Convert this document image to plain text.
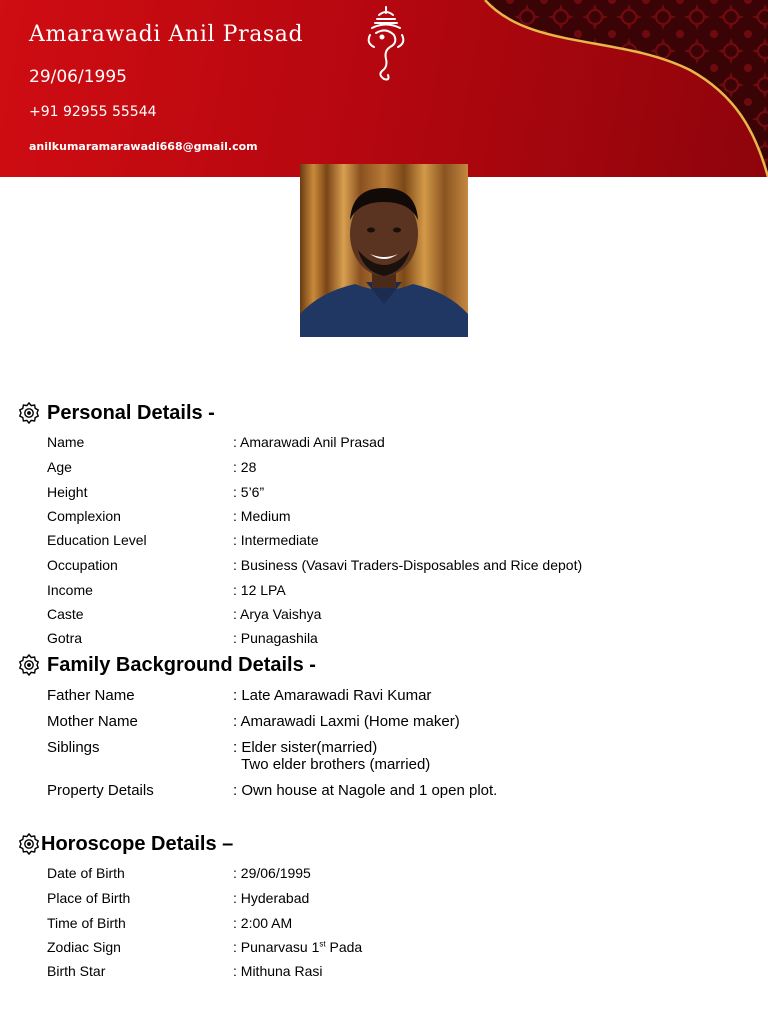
Amarawadi Anil Prasad
29/06/1995
+91 92955 55544
anilkumaramarawadi668@gmail.com
Personal Details -
Name	: Amarawadi Anil Prasad
Age	: 28
Height	: 5’6”
Complexion	: Medium
Education Level	: Intermediate
Occupation	: Business (Vasavi Traders-Disposables and Rice depot)
Income	: 12 LPA
Caste	: Arya Vaishya
Gotra	: Punagashila
Family Background Details -
Father Name	: Late Amarawadi Ravi Kumar
Mother Name	: Amarawadi Laxmi (Home maker)
Siblings	: Elder sister(married)
Two elder brothers (married)
Property Details	: Own house at Nagole and 1 open plot.
Horoscope Details –
Date of Birth	: 29/06/1995
Place of Birth	: Hyderabad
Time of Birth	: 2:00 AM
Zodiac Sign	: Punarvasu 1st Pada
Birth Star	: Mithuna Rasi
